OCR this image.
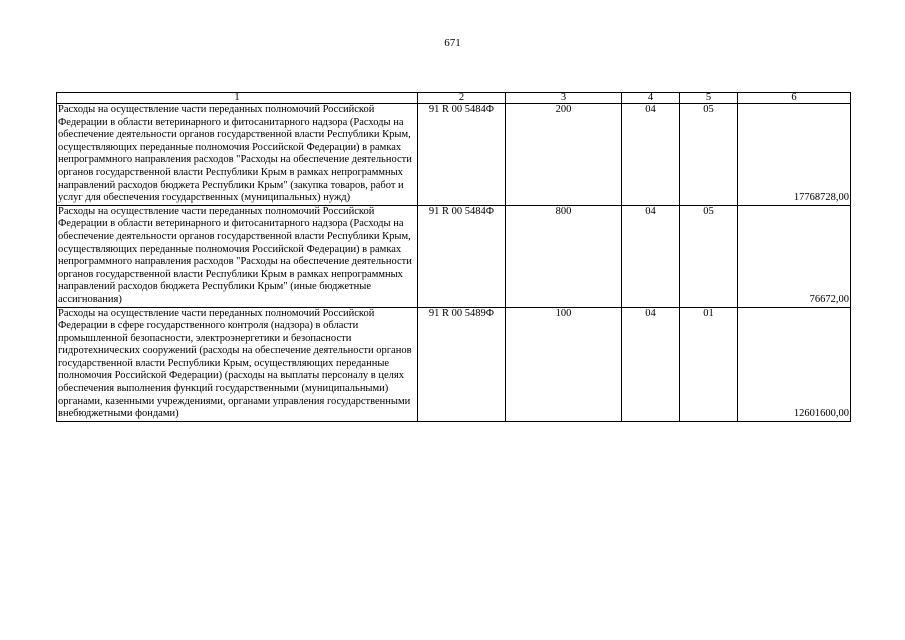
671
1	2	3	4	5	6
Расходы на осуществление части переданных полномочий Российской Федерации в области ветеринарного и фитосанитарного надзора (Расходы на обеспечение деятельности органов государственной власти Республики Крым, осуществляющих переданные полномочия Российской Федерации) в рамках непрограммного направления расходов "Расходы на обеспечение деятельности органов государственной власти Республики Крым в рамках непрограммных направлений расходов бюджета Республики Крым" (закупка товаров, работ и услуг для обеспечения государственных (муниципальных) нужд)	91 R 00 5484Ф	200	04	05	17768728,00
Расходы на осуществление части переданных полномочий Российской Федерации в области ветеринарного и фитосанитарного надзора (Расходы на обеспечение деятельности органов государственной власти Республики Крым, осуществляющих переданные полномочия Российской Федерации) в рамках непрограммного направления расходов "Расходы на обеспечение деятельности органов государственной власти Республики Крым в рамках непрограммных направлений расходов бюджета Республики Крым" (иные бюджетные ассигнования)	91 R 00 5484Ф	800	04	05	76672,00
Расходы на осуществление части переданных полномочий Российской Федерации в сфере государственного контроля (надзора) в области промышленной безопасности, электроэнергетики и безопасности гидротехнических сооружений (расходы на обеспечение деятельности органов государственной власти Республики Крым, осуществляющих переданные полномочия Российской Федерации) (расходы на выплаты персоналу в целях обеспечения выполнения функций государственными (муниципальными) органами, казенными учреждениями, органами управления государственными внебюджетными фондами)	91 R 00 5489Ф	100	04	01	12601600,00
